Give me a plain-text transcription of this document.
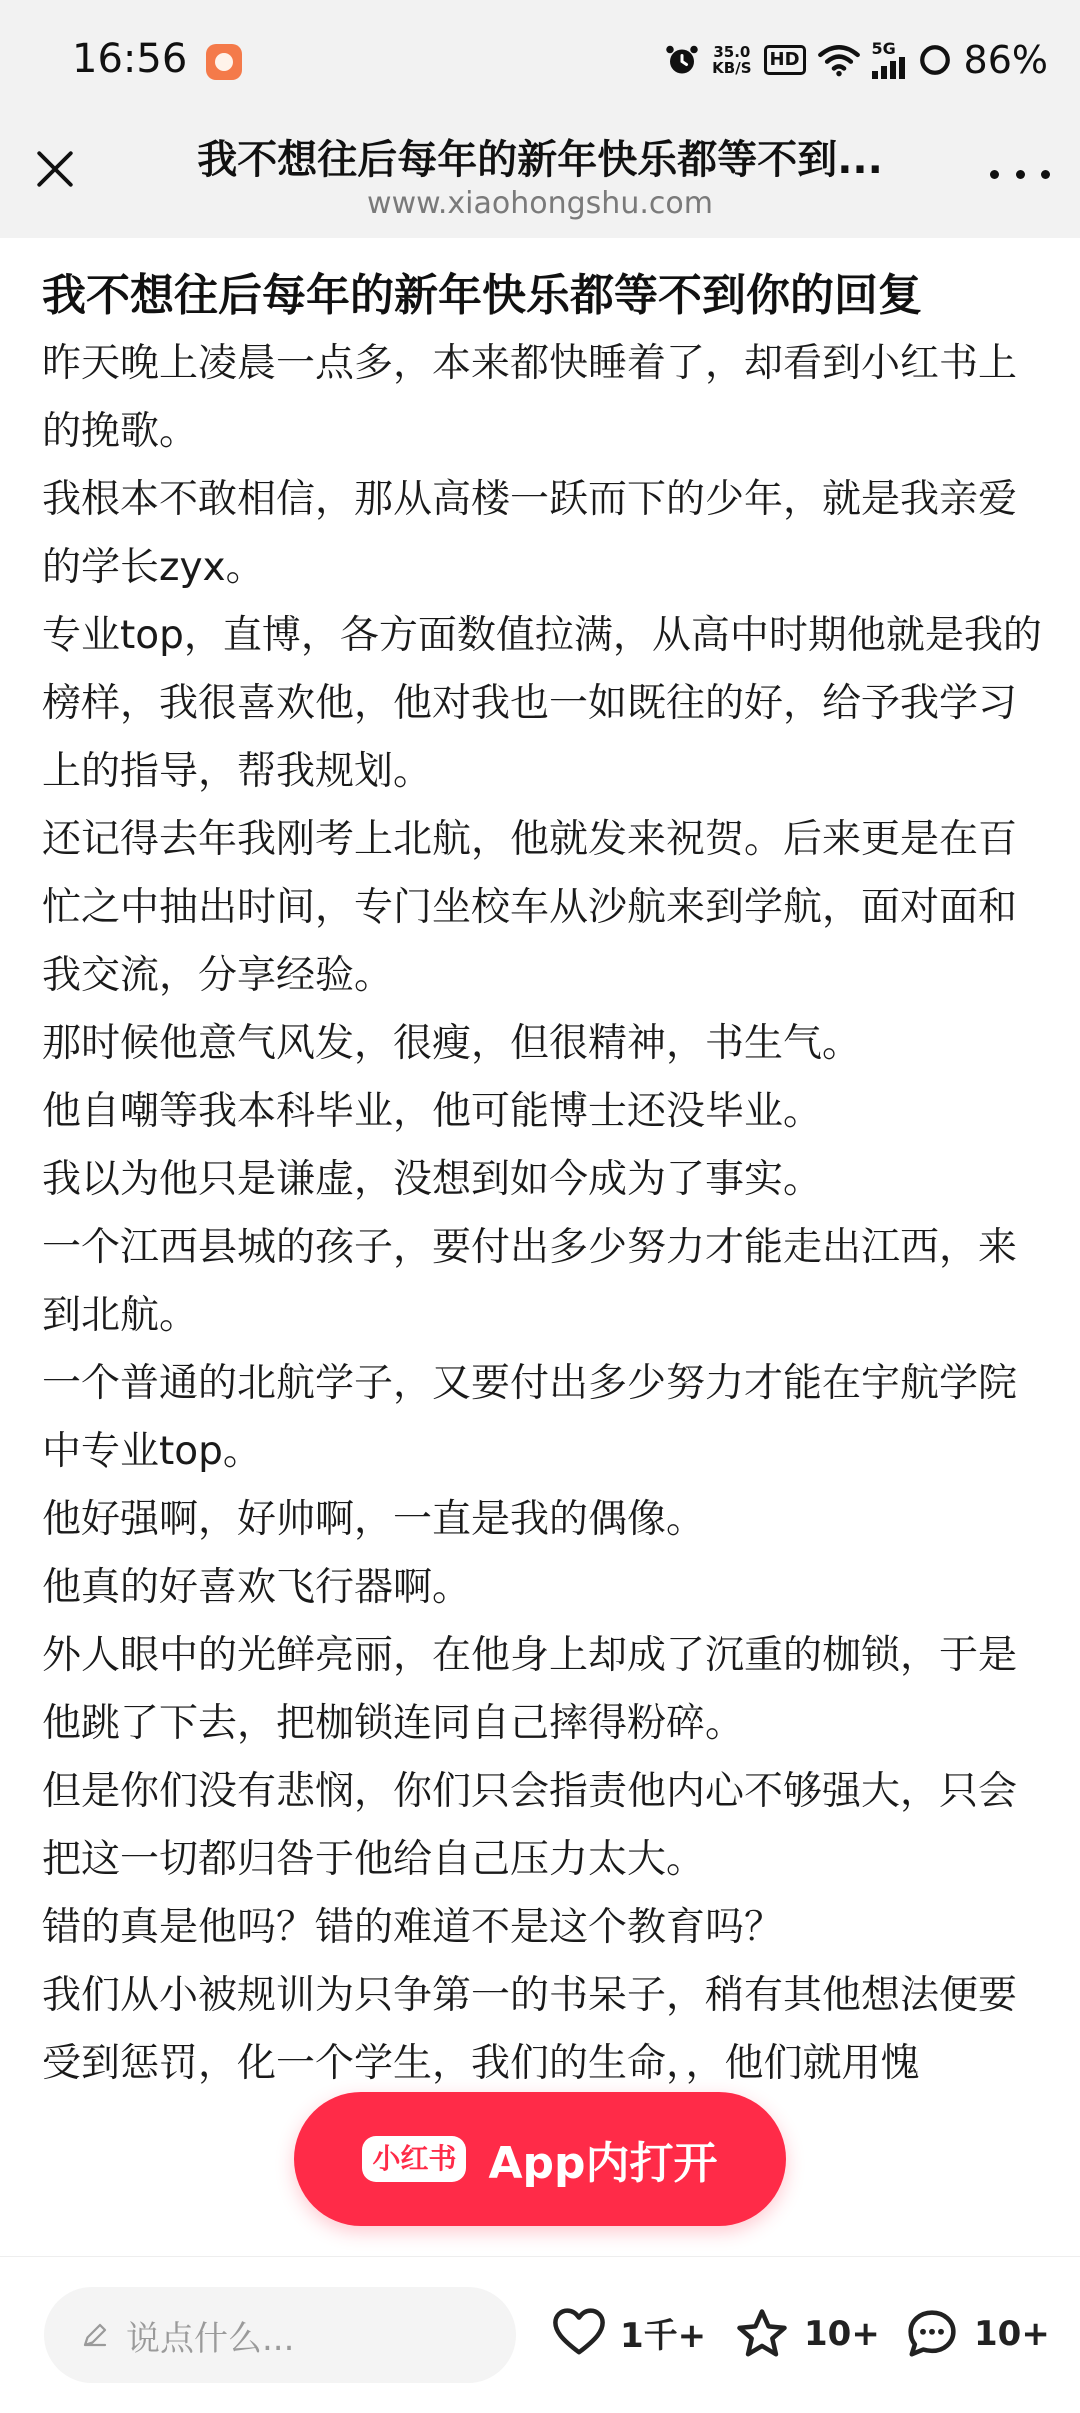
16:56	35.0
KB/S	HD
5G 86%
我不想往后每年的新年快乐都等不到...
www.xiaohongshu.com
我不想往后每年的新年快乐都等不到你的回复
昨天晚上凌晨一点多，本来都快睡着了，却看到小红书上的挽歌。
我根本不敢相信，那从高楼一跃而下的少年，就是我亲爱的学长zyx。
专业top，直博，各方面数值拉满，从高中时期他就是我的榜样，我很喜欢他，他对我也一如既往的好，给予我学习上的指导，帮我规划。
还记得去年我刚考上北航，他就发来祝贺。后来更是在百忙之中抽出时间，专门坐校车从沙航来到学航，面对面和我交流，分享经验。
那时候他意气风发，很瘦，但很精神，书生气。
他自嘲等我本科毕业，他可能博士还没毕业。
我以为他只是谦虚，没想到如今成为了事实。
一个江西县城的孩子，要付出多少努力才能走出江西，来到北航。
一个普通的北航学子，又要付出多少努力才能在宇航学院中专业top。
他好强啊，好帅啊，一直是我的偶像。
他真的好喜欢飞行器啊。
外人眼中的光鲜亮丽，在他身上却成了沉重的枷锁，于是他跳了下去，把枷锁连同自己摔得粉碎。
但是你们没有悲悯，你们只会指责他内心不够强大，只会把这一切都归咎于他给自己压力太大。
错的真是他吗？错的难道不是这个教育吗？
我们从小被规训为只争第一的书呆子，稍有其他想法便要受到惩罚，化一个学生，我们的生命，，他们就用愧
小红书 App内打开
说点什么...	1千+	10+	10+
